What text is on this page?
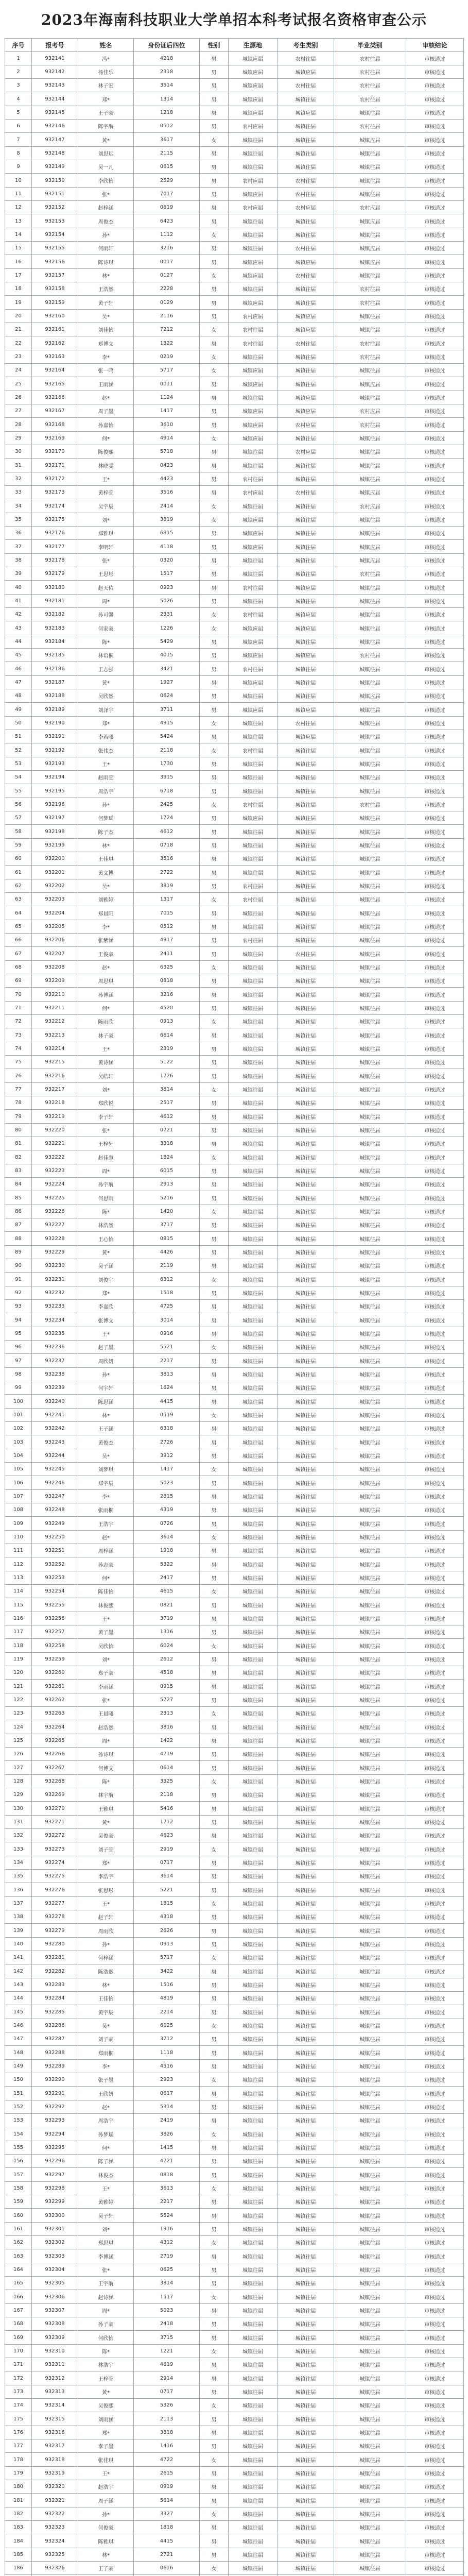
2023年海南科技职业大学单招本科考试报名资格审查公示
序号	报考号	姓名	身份证后四位	性别	生源地	考生类别	毕业类别	审核结论
1	932141	冯*	4218	男	城镇应届	农村往届	农村往届	审核通过
2	932142	杨佳乐	2318	男	城镇应届	城镇应届	农村往届	审核通过
3	932143	林子宏	3514	男	城镇应届	农村往届	农村往届	审核通过
4	932144	郑*	1314	男	城镇应届	城镇往届	农村往届	审核通过
5	932145	王子豪	1218	男	城镇应届	城镇应届	城镇往届	审核通过
6	932146	陈宇航	0512	男	农村应届	城镇往届	农村往届	审核通过
7	932147	黄*	3617	女	城镇往届	城镇往届	城镇应届	审核通过
8	932148	刘思远	2115	男	城镇往届	城镇往届	城镇往届	审核通过
9	932149	吴一凡	0615	男	城镇往届	城镇往届	城镇往届	审核通过
10	932150	李欣怡	2529	男	农村应届	农村往届	城镇往届	审核通过
11	932151	张*	7017	男	城镇应届	农村往届	城镇往届	审核通过
12	932152	赵梓涵	0619	男	农村应届	农村应届	农村应届	审核通过
13	932153	周俊杰	6423	男	城镇往届	城镇往届	城镇应届	审核通过
14	932154	孙*	1112	女	城镇往届	城镇往届	城镇往届	审核通过
15	932155	何雨轩	3216	男	城镇往届	农村往届	城镇应届	审核通过
16	932156	陈诗琪	0017	男	城镇应届	城镇应届	城镇应届	审核通过
17	932157	林*	0127	女	城镇应届	农村往届	城镇往届	审核通过
18	932158	王浩然	2228	男	城镇往届	城镇往届	农村往届	审核通过
19	932159	黄子轩	0129	男	城镇应届	城镇往届	农村往届	审核通过
20	932160	吴*	2116	男	农村应届	城镇应届	城镇往届	审核通过
21	932161	刘佳怡	7212	女	农村往届	城镇应届	城镇往届	审核通过
22	932162	郑博文	1322	男	农村往届	农村往届	农村往届	审核通过
23	932163	李*	0219	女	城镇往届	城镇往届	农村往届	审核通过
24	932164	张一鸣	5717	女	城镇应届	城镇往届	城镇往届	审核通过
25	932165	王雨涵	0011	男	城镇应届	城镇往届	城镇应届	审核通过
26	932166	赵*	1124	男	城镇往届	城镇应届	城镇往届	审核通过
27	932167	周子墨	1417	男	城镇应届	城镇应届	农村应届	审核通过
28	932168	孙嘉怡	3610	男	城镇应届	农村应届	农村往届	审核通过
29	932169	何*	4914	女	城镇应届	城镇往届	城镇往届	审核通过
30	932170	陈俊熙	5718	男	城镇往届	农村应届	城镇往届	审核通过
31	932171	林晓雯	0423	男	城镇往届	城镇往届	城镇往届	审核通过
32	932172	王*	4423	男	农村往届	城镇往届	城镇往届	审核通过
33	932173	黄梓萱	3516	男	农村应届	农村往届	城镇应届	审核通过
34	932174	吴宇辰	2414	女	城镇往届	城镇往届	农村应届	审核通过
35	932175	刘*	3819	女	城镇应届	城镇往届	城镇往届	审核通过
36	932176	郑雅琪	6815	男	城镇应届	城镇往届	城镇往届	审核通过
37	932177	李明轩	4118	男	城镇应届	城镇往届	城镇应届	审核通过
38	932178	张*	0320	男	城镇往届	城镇往届	城镇应届	审核通过
39	932179	王思彤	1517	男	城镇往届	城镇往届	农村往届	审核通过
40	932180	赵天佑	0923	男	农村往届	城镇应届	城镇往届	审核通过
41	932181	周*	5026	男	城镇往届	城镇往届	城镇往届	审核通过
42	932182	孙可馨	2331	女	农村往届	城镇应届	城镇往届	审核通过
43	932183	何家豪	1226	女	城镇应届	城镇应届	城镇往届	审核通过
44	932184	陈*	5429	男	城镇应届	城镇往届	城镇往届	审核通过
45	932185	林语桐	4015	男	城镇应届	城镇应届	农村往届	审核通过
46	932186	王志强	3421	男	农村往届	城镇往届	城镇往届	审核通过
47	932187	黄*	1927	男	城镇应届	城镇往届	城镇往届	审核通过
48	932188	吴欣然	0624	男	城镇往届	城镇往届	城镇应届	审核通过
49	932189	刘泽宇	3711	男	城镇应届	城镇应届	城镇往届	审核通过
50	932190	郑*	4915	女	城镇往届	农村往届	城镇往届	审核通过
51	932191	李若曦	5424	男	城镇往届	城镇应届	城镇往届	审核通过
52	932192	张伟杰	2118	女	农村往届	城镇往届	城镇往届	审核通过
53	932193	王*	1730	男	城镇往届	城镇往届	城镇往届	审核通过
54	932194	赵雨萱	3915	男	城镇往届	城镇往届	城镇往届	审核通过
55	932195	周浩宇	6718	男	城镇往届	城镇往届	城镇往届	审核通过
56	932196	孙*	2425	女	农村往届	城镇往届	农村往届	审核通过
57	932197	何梦瑶	1724	男	城镇应届	城镇往届	城镇往届	审核通过
58	932198	陈子杰	4612	男	城镇往届	城镇往届	城镇往届	审核通过
59	932199	林*	0718	男	城镇往届	城镇往届	城镇往届	审核通过
60	932200	王佳琪	3516	男	城镇往届	城镇往届	城镇往届	审核通过
61	932201	黄文博	2722	男	城镇往届	城镇往届	城镇往届	审核通过
62	932202	吴*	3819	男	农村往届	城镇往届	城镇往届	审核通过
63	932203	刘雅婷	1317	女	农村往届	城镇往届	城镇往届	审核通过
64	932204	郑晨阳	7015	男	城镇往届	城镇往届	城镇往届	审核通过
65	932205	李*	0512	男	城镇往届	城镇往届	城镇往届	审核通过
66	932206	张紫涵	4917	男	农村往届	城镇往届	城镇往届	审核通过
67	932207	王俊豪	2411	男	城镇往届	农村往届	城镇往届	审核通过
68	932208	赵*	6325	女	城镇往届	城镇往届	城镇往届	审核通过
69	932209	周思琪	0818	男	城镇往届	城镇往届	城镇往届	审核通过
70	932210	孙博涵	3216	男	城镇往届	城镇往届	城镇往届	审核通过
71	932211	何*	4520	男	城镇往届	城镇往届	城镇往届	审核通过
72	932212	陈雨欣	0913	女	城镇往届	城镇往届	城镇往届	审核通过
73	932213	林子豪	6614	男	城镇往届	城镇往届	城镇往届	审核通过
74	932214	王*	2319	男	城镇往届	城镇往届	城镇往届	审核通过
75	932215	黄诗涵	5122	男	城镇往届	城镇往届	城镇往届	审核通过
76	932216	吴皓轩	1726	男	城镇往届	城镇往届	城镇往届	审核通过
77	932217	刘*	3814	女	城镇往届	城镇往届	城镇往届	审核通过
78	932218	郑欣悦	2517	男	城镇往届	城镇往届	城镇往届	审核通过
79	932219	李子轩	4612	男	城镇往届	城镇往届	城镇往届	审核通过
80	932220	张*	0721	男	城镇往届	城镇往届	城镇往届	审核通过
81	932221	王梓轩	3318	男	城镇往届	城镇往届	城镇往届	审核通过
82	932222	赵佳慧	1824	女	城镇往届	城镇往届	城镇往届	审核通过
83	932223	周*	6015	男	城镇往届	城镇往届	城镇往届	审核通过
84	932224	孙宇航	2913	男	城镇往届	城镇往届	城镇往届	审核通过
85	932225	何思雨	5216	男	城镇往届	城镇往届	城镇往届	审核通过
86	932226	陈*	1420	女	城镇往届	城镇往届	城镇往届	审核通过
87	932227	林浩然	3717	男	城镇往届	城镇往届	城镇往届	审核通过
88	932228	王心怡	0815	男	城镇往届	城镇往届	城镇往届	审核通过
89	932229	黄*	4426	男	城镇往届	城镇往届	城镇往届	审核通过
90	932230	吴子涵	2119	男	城镇往届	城镇往届	城镇往届	审核通过
91	932231	刘俊宇	6312	女	城镇往届	城镇往届	城镇往届	审核通过
92	932232	郑*	1518	男	城镇往届	城镇往届	城镇往届	审核通过
93	932233	李嘉欣	4725	男	城镇往届	城镇往届	城镇往届	审核通过
94	932234	张博文	3014	男	城镇往届	城镇往届	城镇往届	审核通过
95	932235	王*	0916	男	城镇往届	城镇往届	城镇往届	审核通过
96	932236	赵子墨	5521	女	城镇往届	城镇往届	城镇往届	审核通过
97	932237	周欣妍	2217	男	城镇往届	城镇往届	城镇往届	审核通过
98	932238	孙*	3813	男	城镇往届	城镇往届	城镇往届	审核通过
99	932239	何宇轩	1624	男	城镇往届	城镇往届	城镇往届	审核通过
100	932240	陈思涵	4415	男	城镇往届	城镇往届	城镇往届	审核通过
101	932241	林*	0519	女	城镇往届	城镇往届	城镇往届	审核通过
102	932242	王子涵	6318	男	城镇往届	城镇往届	城镇往届	审核通过
103	932243	黄俊杰	2726	男	城镇往届	城镇往届	城镇往届	审核通过
104	932244	吴*	3912	男	城镇往届	城镇往届	城镇往届	审核通过
105	932245	刘梦琪	1417	女	城镇往届	城镇往届	城镇往届	审核通过
106	932246	郑宇辰	5023	男	城镇往届	城镇往届	城镇往届	审核通过
107	932247	李*	2815	男	城镇往届	城镇往届	城镇往届	审核通过
108	932248	张雨桐	4319	男	城镇往届	城镇往届	城镇往届	审核通过
109	932249	王浩宇	0726	男	城镇往届	城镇往届	城镇往届	审核通过
110	932250	赵*	3614	女	城镇往届	城镇往届	城镇往届	审核通过
111	932251	周梓涵	1918	男	城镇往届	城镇往届	城镇往届	审核通过
112	932252	孙志豪	5322	男	城镇往届	城镇往届	城镇往届	审核通过
113	932253	何*	2417	男	城镇往届	城镇往届	城镇往届	审核通过
114	932254	陈佳怡	4615	女	城镇往届	城镇往届	城镇往届	审核通过
115	932255	林俊熙	0821	男	城镇往届	城镇往届	城镇往届	审核通过
116	932256	王*	3719	男	城镇往届	城镇往届	城镇往届	审核通过
117	932257	黄子墨	1316	男	城镇往届	城镇往届	城镇往届	审核通过
118	932258	吴欣怡	6024	女	城镇往届	城镇往届	城镇往届	审核通过
119	932259	刘*	2612	男	城镇往届	城镇往届	城镇往届	审核通过
120	932260	郑子豪	4518	男	城镇往届	城镇往届	城镇往届	审核通过
121	932261	李雨涵	0915	男	城镇往届	城镇往届	城镇往届	审核通过
122	932262	张*	5727	男	城镇往届	城镇往届	城镇往届	审核通过
123	932263	王晨曦	2313	女	城镇往届	城镇往届	城镇往届	审核通过
124	932264	赵浩然	3816	男	城镇往届	城镇往届	城镇往届	审核通过
125	932265	周*	1422	男	城镇往届	城镇往届	城镇往届	审核通过
126	932266	孙诗琪	4719	男	城镇往届	城镇往届	城镇往届	审核通过
127	932267	何博文	0614	男	城镇往届	城镇往届	城镇往届	审核通过
128	932268	陈*	3325	女	城镇往届	城镇往届	城镇往届	审核通过
129	932269	林宇航	2118	男	城镇往届	城镇往届	城镇往届	审核通过
130	932270	王雅琪	5416	男	城镇往届	城镇往届	城镇往届	审核通过
131	932271	黄*	1712	男	城镇往届	城镇往届	城镇往届	审核通过
132	932272	吴俊豪	4623	男	城镇往届	城镇往届	城镇往届	审核通过
133	932273	刘子萱	2919	女	城镇往届	城镇往届	城镇往届	审核通过
134	932274	郑*	0717	男	城镇往届	城镇往届	城镇往届	审核通过
135	932275	李浩宇	3614	男	城镇往届	城镇往届	城镇往届	审核通过
136	932276	张思彤	5221	男	城镇往届	城镇往届	城镇往届	审核通过
137	932277	王*	1815	女	城镇往届	城镇往届	城镇往届	审核通过
138	932278	赵子轩	4318	男	城镇往届	城镇往届	城镇往届	审核通过
139	932279	周雨欣	2626	男	城镇往届	城镇往届	城镇往届	审核通过
140	932280	孙*	0913	男	城镇往届	城镇往届	城镇往届	审核通过
141	932281	何梓涵	5717	女	城镇往届	城镇往届	城镇往届	审核通过
142	932282	陈浩然	3422	男	城镇往届	城镇往届	城镇往届	审核通过
143	932283	林*	1516	男	城镇往届	城镇往届	城镇往届	审核通过
144	932284	王佳怡	4819	男	城镇往届	城镇往届	城镇往届	审核通过
145	932285	黄宇辰	2214	男	城镇往届	城镇往届	城镇往届	审核通过
146	932286	吴*	6025	女	城镇往届	城镇往届	城镇往届	审核通过
147	932287	刘子豪	3712	男	城镇往届	城镇往届	城镇往届	审核通过
148	932288	郑雨桐	1118	男	城镇往届	城镇往届	城镇往届	审核通过
149	932289	李*	4516	男	城镇往届	城镇往届	城镇往届	审核通过
150	932290	张子墨	2923	女	城镇往届	城镇往届	城镇往届	审核通过
151	932291	王欣妍	0617	男	城镇往届	城镇往届	城镇往届	审核通过
152	932292	赵*	5314	男	城镇往届	城镇往届	城镇往届	审核通过
153	932293	周浩宇	2419	男	城镇往届	城镇往届	城镇往届	审核通过
154	932294	孙梦瑶	3826	女	城镇往届	城镇往届	城镇往届	审核通过
155	932295	何*	1415	男	城镇往届	城镇往届	城镇往届	审核通过
156	932296	陈子涵	4721	男	城镇往届	城镇往届	城镇往届	审核通过
157	932297	林俊杰	0818	男	城镇往届	城镇往届	城镇往届	审核通过
158	932298	王*	3613	女	城镇往届	城镇往届	城镇往届	审核通过
159	932299	黄雅婷	2217	男	城镇往届	城镇往届	城镇往届	审核通过
160	932300	吴子轩	5524	男	城镇往届	城镇往届	城镇往届	审核通过
161	932301	刘*	1916	男	城镇往届	城镇往届	城镇往届	审核通过
162	932302	郑思琪	4312	女	城镇往届	城镇往届	城镇往届	审核通过
163	932303	李博涵	2719	男	城镇往届	城镇往届	城镇往届	审核通过
164	932304	张*	0625	男	城镇往届	城镇往届	城镇往届	审核通过
165	932305	王宇航	3814	男	城镇往届	城镇往届	城镇往届	审核通过
166	932306	赵诗涵	1517	女	城镇往届	城镇往届	城镇往届	审核通过
167	932307	周*	5023	男	城镇往届	城镇往届	城镇往届	审核通过
168	932308	孙子豪	2418	男	城镇往届	城镇往届	城镇往届	审核通过
169	932309	何欣怡	3715	男	城镇往届	城镇往届	城镇往届	审核通过
170	932310	陈*	1221	女	城镇往届	城镇往届	城镇往届	审核通过
171	932311	林浩宇	4619	男	城镇往届	城镇往届	城镇往届	审核通过
172	932312	王梓萱	2914	男	城镇往届	城镇往届	城镇往届	审核通过
173	932313	黄*	0717	男	城镇往届	城镇往届	城镇往届	审核通过
174	932314	吴俊熙	5326	女	城镇往届	城镇往届	城镇往届	审核通过
175	932315	刘雨涵	2113	男	城镇往届	城镇往届	城镇往届	审核通过
176	932316	郑*	3818	男	城镇往届	城镇往届	城镇往届	审核通过
177	932317	李子墨	1416	男	城镇往届	城镇往届	城镇往届	审核通过
178	932318	张佳琪	4722	女	城镇往届	城镇往届	城镇往届	审核通过
179	932319	王*	2615	男	城镇往届	城镇往届	城镇往届	审核通过
180	932320	赵浩宇	0919	男	城镇往届	城镇往届	城镇往届	审核通过
181	932321	周子涵	5614	男	城镇往届	城镇往届	城镇往届	审核通过
182	932322	孙*	3327	女	城镇往届	城镇往届	城镇往届	审核通过
183	932323	何俊豪	1818	男	城镇往届	城镇往届	城镇往届	审核通过
184	932324	陈雅琪	4415	男	城镇往届	城镇往届	城镇往届	审核通过
185	932325	林*	2721	男	城镇往届	城镇往届	城镇往届	审核通过
186	932326	王子豪	0616	女	城镇往届	城镇往届	城镇往届	审核通过
